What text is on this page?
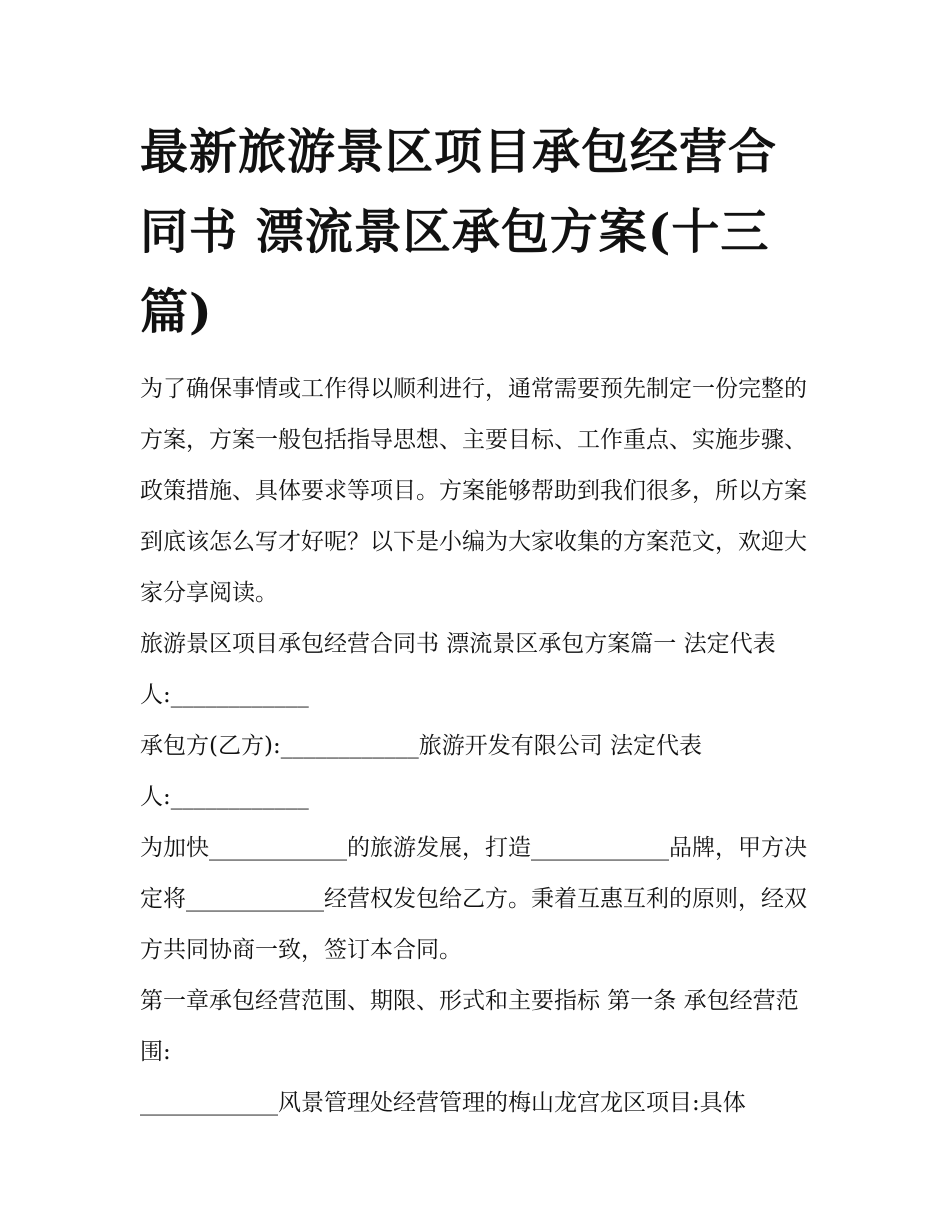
最新旅游景区项目承包经营合同书 漂流景区承包方案(十三篇)

为了确保事情或工作得以顺利进行，通常需要预先制定一份完整的方案，方案一般包括指导思想、主要目标、工作重点、实施步骤、政策措施、具体要求等项目。方案能够帮助到我们很多，所以方案到底该怎么写才好呢？以下是小编为大家收集的方案范文，欢迎大家分享阅读。

旅游景区项目承包经营合同书 漂流景区承包方案篇一 法定代表人:____________

承包方(乙方):____________旅游开发有限公司 法定代表人:____________

为加快____________的旅游发展，打造____________品牌，甲方决定将____________经营权发包给乙方。秉着互惠互利的原则，经双方共同协商一致，签订本合同。

第一章承包经营范围、期限、形式和主要指标 第一条 承包经营范围:

____________风景管理处经营管理的梅山龙宫龙区项目:具体
